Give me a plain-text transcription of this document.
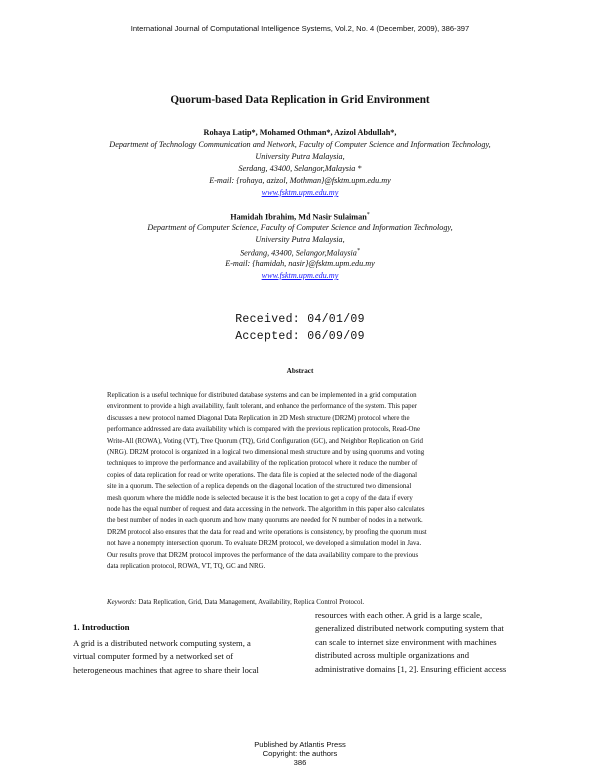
International Journal of Computational Intelligence Systems, Vol.2, No. 4 (December, 2009), 386-397
Quorum-based Data Replication in Grid Environment
Rohaya Latip*, Mohamed Othman*, Azizol Abdullah*,
Department of Technology Communication and Network, Faculty of Computer Science and Information Technology,
University Putra Malaysia,
Serdang, 43400, Selangor,Malaysia *
E-mail: {rohaya, azizol, Mothman}@fsktm.upm.edu.my
www.fsktm.upm.edu.my
Hamidah Ibrahim, Md Nasir Sulaiman*
Department of Computer Science, Faculty of Computer Science and Information Technology,
University Putra Malaysia,
Serdang, 43400, Selangor,Malaysia*
E-mail: {hamidah, nasir}@fsktm.upm.edu.my
www.fsktm.upm.edu.my
Received: 04/01/09
Accepted: 06/09/09
Abstract
Replication is a useful technique for distributed database systems and can be implemented in a grid computation
environment to provide a high availability, fault tolerant, and enhance the performance of the system. This paper
discusses a new protocol named Diagonal Data Replication in 2D Mesh structure (DR2M) protocol where the
performance addressed are data availability which is compared with the previous replication protocols, Read-One
Write-All (ROWA), Voting (VT), Tree Quorum (TQ), Grid Configuration (GC), and Neighbor Replication on Grid
(NRG). DR2M protocol is organized in a logical two dimensional mesh structure and by using quorums and voting
techniques to improve the performance and availability of the replication protocol where it reduce the number of
copies of data replication for read or write operations. The data file is copied at the selected node of the diagonal
site in a quorum. The selection of a replica depends on the diagonal location of the structured two dimensional
mesh quorum where the middle node is selected because it is the best location to get a copy of the data if every
node has the equal number of request and data accessing in the network. The algorithm in this paper also calculates
the best number of nodes in each quorum and how many quorums are needed for N number of nodes in a network.
DR2M protocol also ensures that the data for read and write operations is consistency, by proofing the quorum must
not have a nonempty intersection quorum. To evaluate DR2M protocol, we developed a simulation model in Java.
Our results prove that DR2M protocol improves the performance of the data availability compare to the previous
data replication protocol, ROWA, VT, TQ, GC and NRG.
Keywords: Data Replication, Grid, Data Management, Availability, Replica Control Protocol.
1. Introduction
A grid is a distributed network computing system, a
virtual computer formed by a networked set of
heterogeneous machines that agree to share their local
resources with each other. A grid is a large scale,
generalized distributed network computing system that
can scale to internet size environment with machines
distributed across multiple organizations and
administrative domains [1, 2]. Ensuring efficient access
Published by Atlantis Press
Copyright: the authors
386
